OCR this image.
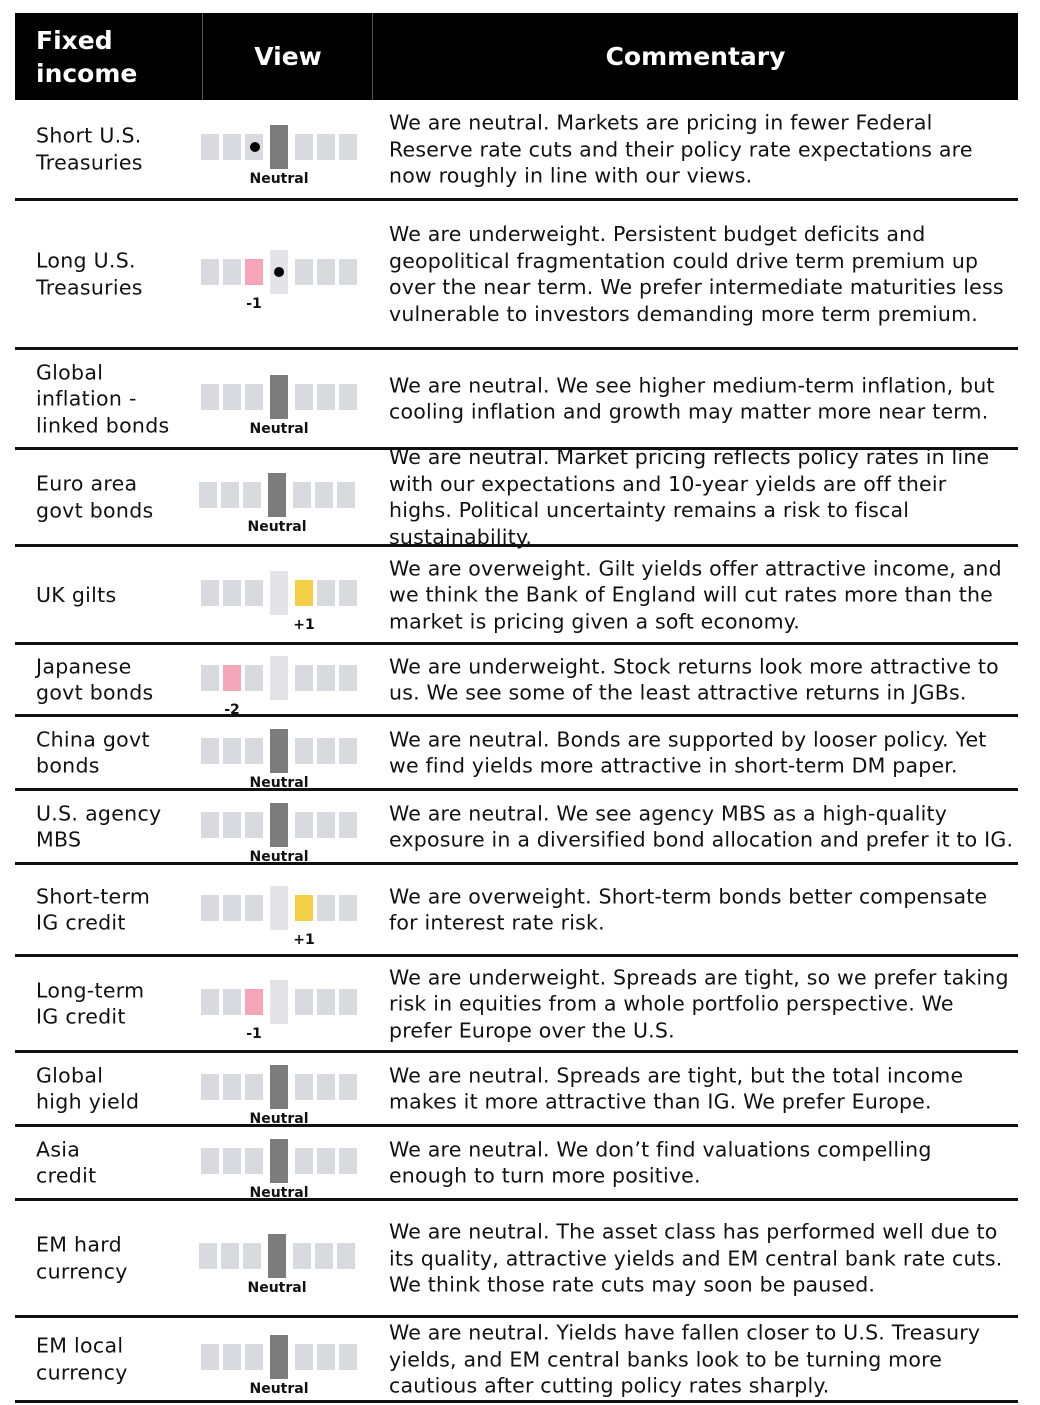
Fixed
income
View	Commentary
Short U.S.
Treasuries
Neutral
We are neutral. Markets are pricing in fewer Federal Reserve rate cuts and their policy rate expectations are now roughly in line with our views.
Long U.S.
Treasuries
-1
We are underweight. Persistent budget deficits and geopolitical fragmentation could drive term premium up over the near term. We prefer intermediate maturities less vulnerable to investors demanding more term premium.
Global
inflation -
linked bonds	Neutral
We are neutral. We see higher medium-term inflation, but cooling inflation and growth may matter more near term.
Euro area
govt bonds
Neutral
We are neutral. Market pricing reflects policy rates in line with our expectations and 10-year yields are off their highs. Political uncertainty remains a risk to fiscal sustainability.
UK gilts
+1
We are overweight. Gilt yields offer attractive income, and we think the Bank of England will cut rates more than the market is pricing given a soft economy.
Japanese
govt bonds
-2
We are underweight. Stock returns look more attractive to us. We see some of the least attractive returns in JGBs.
China govt
bonds
Neutral
We are neutral. Bonds are supported by looser policy. Yet we find yields more attractive in short-term DM paper.
U.S. agency
MBS
Neutral
We are neutral. We see agency MBS as a high-quality exposure in a diversified bond allocation and prefer it to IG.
Short-term
IG credit
+1
We are overweight. Short-term bonds better compensate for interest rate risk.
Long-term
IG credit
-1
We are underweight. Spreads are tight, so we prefer taking risk in equities from a whole portfolio perspective. We prefer Europe over the U.S.
Global
high yield
Neutral
We are neutral. Spreads are tight, but the total income makes it more attractive than IG. We prefer Europe.
Asia
credit
Neutral
We are neutral. We don’t find valuations compelling enough to turn more positive.
EM hard
currency
Neutral
We are neutral. The asset class has performed well due to its quality, attractive yields and EM central bank rate cuts. We think those rate cuts may soon be paused.
EM local
currency
Neutral
We are neutral. Yields have fallen closer to U.S. Treasury yields, and EM central banks look to be turning more cautious after cutting policy rates sharply.
